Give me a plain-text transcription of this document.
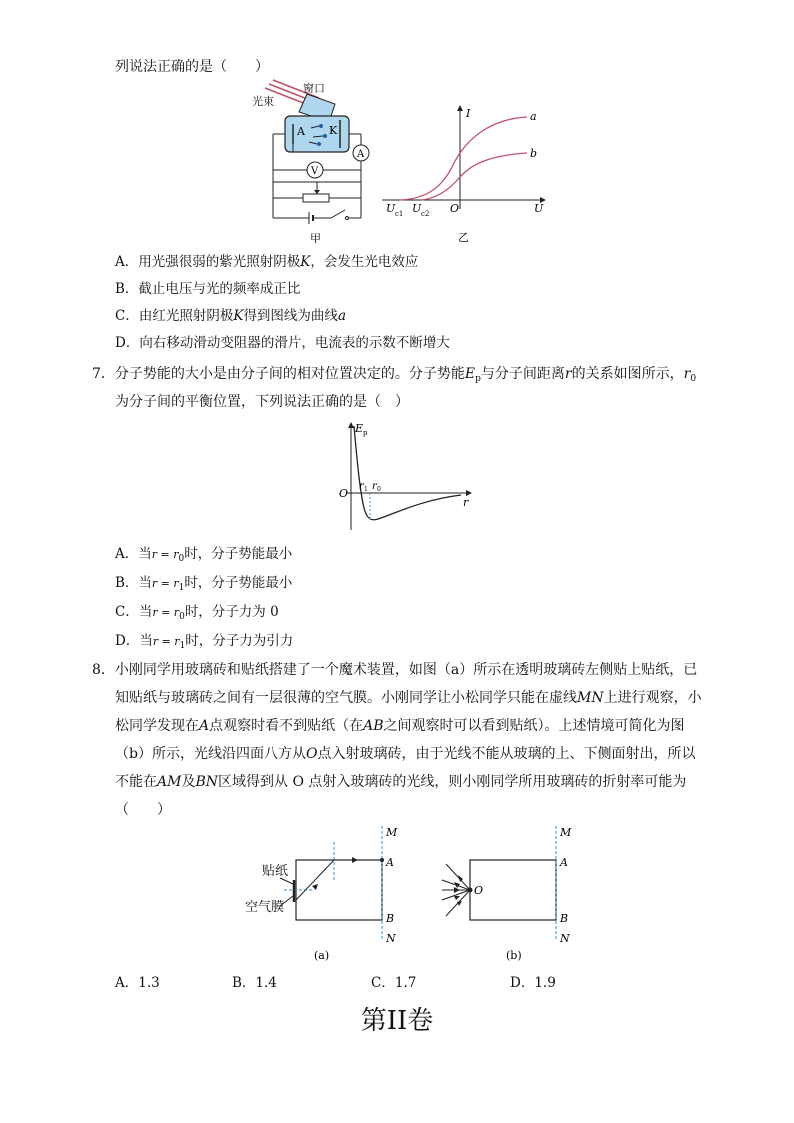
列说法正确的是（　　）
A K
A
V
甲
光束
窗口
I
U
O
U c1 U c2
a
b
乙
A．用光强很弱的紫光照射阴极K，会发生光电效应
B．截止电压与光的频率成正比
C．由红光照射阴极K得到图线为曲线a
D．向右移动滑动变阻器的滑片，电流表的示数不断增大
7．分子势能的大小是由分子间的相对位置决定的。分子势能$E_p$与分子间距离r的关系如图所示，$r_0$
为分子间的平衡位置，下列说法正确的是（　）
E p
O
r
r 1 r 0
A．当$r = r_0$时，分子势能最小
B．当$r = r_1$时，分子势能最小
C．当$r = r_0$时，分子力为 0
D．当$r = r_1$时，分子力为引力
8．小刚同学用玻璃砖和贴纸搭建了一个魔术装置，如图（a）所示在透明玻璃砖左侧贴上贴纸，已
知贴纸与玻璃砖之间有一层很薄的空气膜。小刚同学让小松同学只能在虚线MN上进行观察，小
松同学发现在A点观察时看不到贴纸（在AB之间观察时可以看到贴纸）。上述情境可简化为图
（b）所示，光线沿四面八方从O点入射玻璃砖，由于光线不能从玻璃的上、下侧面射出，所以
不能在AM及BN区域得到从 O 点射入玻璃砖的光线，则小刚同学所用玻璃砖的折射率可能为
（　　）
M
A
B
N
(a)
贴纸
空气膜
O
M
A
B
N
(b)
A．1.3	B．1.4	C．1.7	D．1.9
第II卷
